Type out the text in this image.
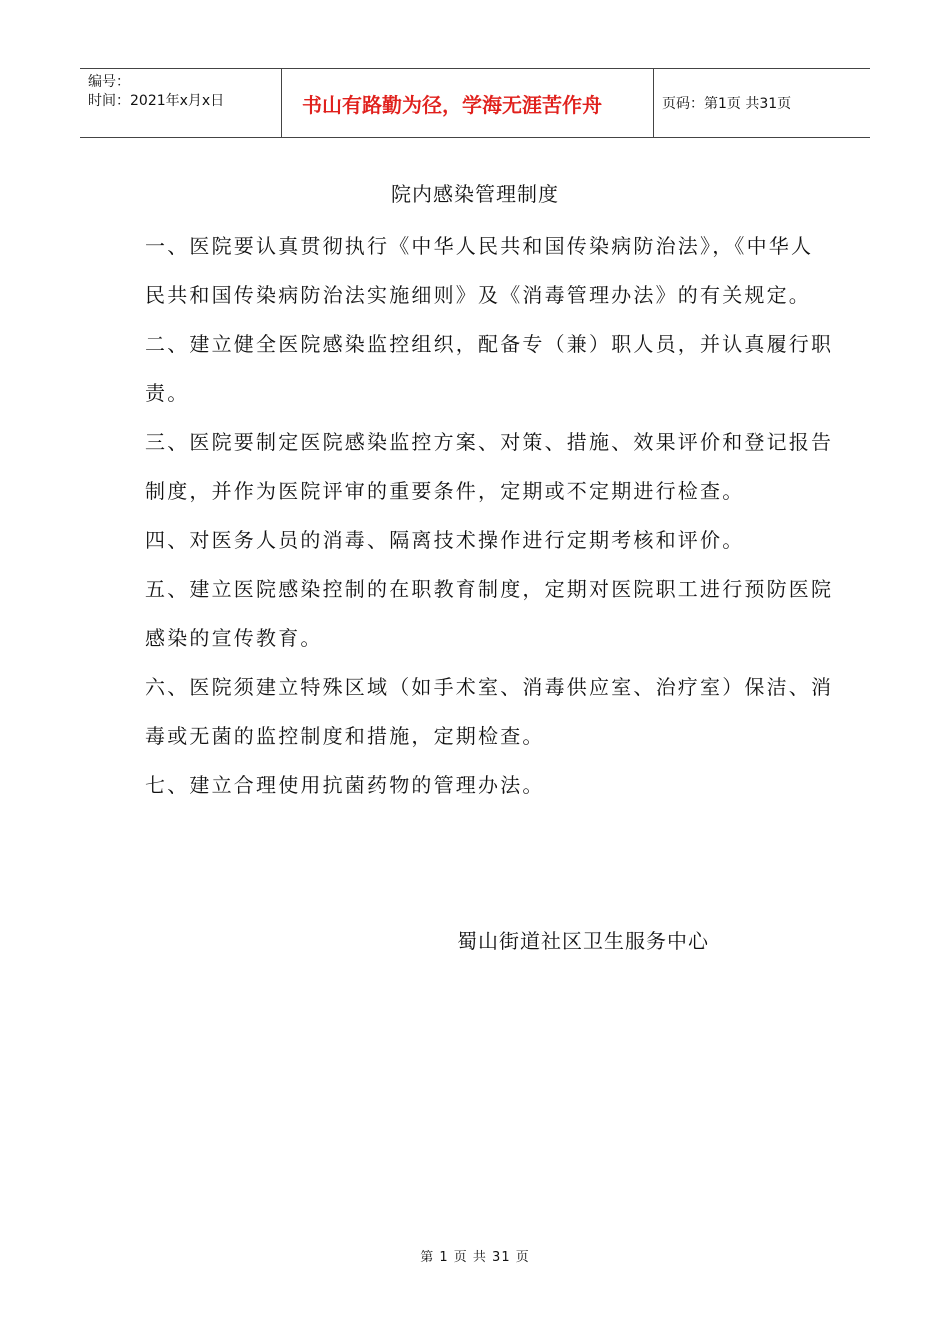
编号：
时间：2021年x月x日	书山有路勤为径，学海无涯苦作舟	页码：第1页 共31页
院内感染管理制度

一、医院要认真贯彻执行《中华人民共和国传染病防治法》，《中华人民共和国传染病防治法实施细则》及《消毒管理办法》的有关规定。

二、建立健全医院感染监控组织，配备专（兼）职人员，并认真履行职责。

三、医院要制定医院感染监控方案、对策、措施、效果评价和登记报告制度，并作为医院评审的重要条件，定期或不定期进行检查。

四、对医务人员的消毒、隔离技术操作进行定期考核和评价。

五、建立医院感染控制的在职教育制度，定期对医院职工进行预防医院感染的宣传教育。

六、医院须建立特殊区域（如手术室、消毒供应室、治疗室）保洁、消毒或无菌的监控制度和措施，定期检查。

七、建立合理使用抗菌药物的管理办法。

蜀山街道社区卫生服务中心
第 1 页 共 31 页
